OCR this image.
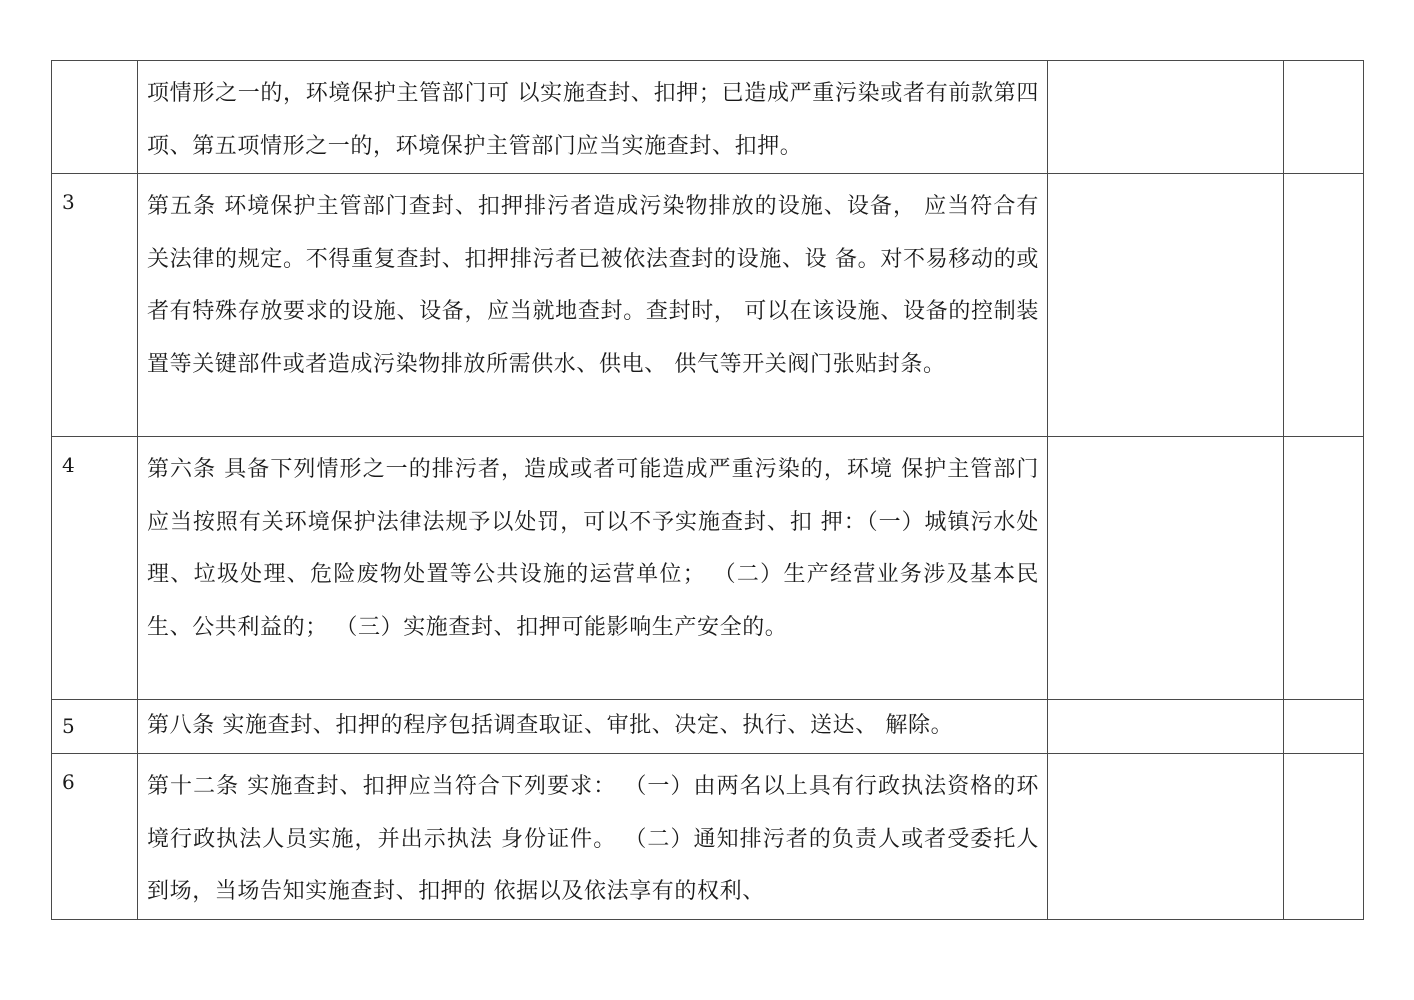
	项情形之一的，环境保护主管部门可 以实施查封、扣押；已造成严重污染或者有前款第四项、第五项情形之一的，环境保护主管部门应当实施查封、扣押。		

3	第五条 环境保护主管部门查封、扣押排污者造成污染物排放的设施、设备， 应当符合有关法律的规定。不得重复查封、扣押排污者已被依法查封的设施、设 备。对不易移动的或者有特殊存放要求的设施、设备，应当就地查封。查封时， 可以在该设施、设备的控制装置等关键部件或者造成污染物排放所需供水、供电、 供气等开关阀门张贴封条。		

4	第六条 具备下列情形之一的排污者，造成或者可能造成严重污染的，环境 保护主管部门应当按照有关环境保护法律法规予以处罚，可以不予实施查封、扣 押：（一）城镇污水处理、垃圾处理、危险废物处置等公共设施的运营单位； （二）生产经营业务涉及基本民生、公共利益的； （三）实施查封、扣押可能影响生产安全的。		

5	第八条 实施查封、扣押的程序包括调查取证、审批、决定、执行、送达、 解除。		

6	第十二条 实施查封、扣押应当符合下列要求： （一）由两名以上具有行政执法资格的环境行政执法人员实施，并出示执法 身份证件。 （二）通知排污者的负责人或者受委托人到场，当场告知实施查封、扣押的 依据以及依法享有的权利、		
